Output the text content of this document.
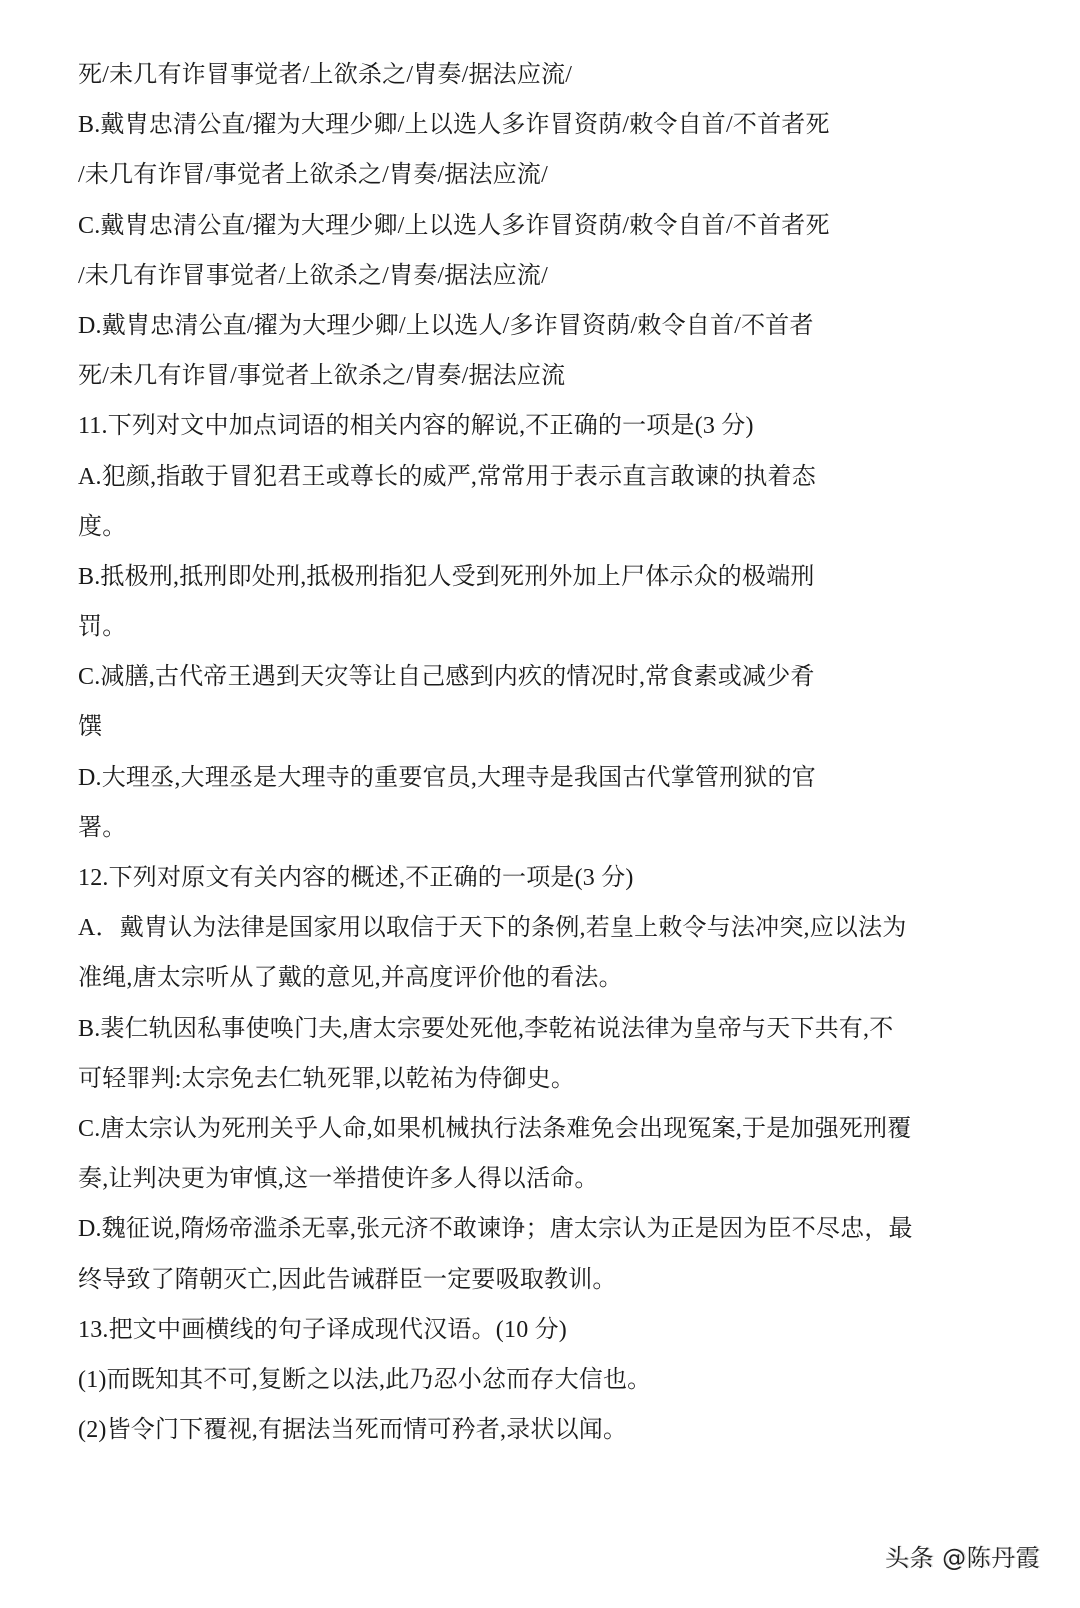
死/未几有诈冒事觉者/上欲杀之/胄奏/据法应流/
B.戴胄忠清公直/擢为大理少卿/上以选人多诈冒资荫/敕令自首/不首者死
/未几有诈冒/事觉者上欲杀之/胄奏/据法应流/
C.戴胄忠清公直/擢为大理少卿/上以选人多诈冒资荫/敕令自首/不首者死
/未几有诈冒事觉者/上欲杀之/胄奏/据法应流/
D.戴胄忠清公直/擢为大理少卿/上以选人/多诈冒资荫/敕令自首/不首者
死/未几有诈冒/事觉者上欲杀之/胄奏/据法应流
11.下列对文中加点词语的相关内容的解说,不正确的一项是(3 分)
A.犯颜,指敢于冒犯君王或尊长的威严,常常用于表示直言敢谏的执着态
度。
B.抵极刑,抵刑即处刑,抵极刑指犯人受到死刑外加上尸体示众的极端刑
罚。
C.减膳,古代帝王遇到天灾等让自己感到内疚的情况时,常食素或减少肴
馔
D.大理丞,大理丞是大理寺的重要官员,大理寺是我国古代掌管刑狱的官
署。
12.下列对原文有关内容的概述,不正确的一项是(3 分)
A．戴胄认为法律是国家用以取信于天下的条例,若皇上敕令与法冲突,应以法为
准绳,唐太宗听从了戴的意见,并高度评价他的看法。
B.裴仁轨因私事使唤门夫,唐太宗要处死他,李乾祐说法律为皇帝与天下共有,不
可轻罪判:太宗免去仁轨死罪,以乾祐为侍御史。
C.唐太宗认为死刑关乎人命,如果机械执行法条难免会出现冤案,于是加强死刑覆
奏,让判决更为审慎,这一举措使许多人得以活命。
D.魏征说,隋炀帝滥杀无辜,张元济不敢谏诤；唐太宗认为正是因为臣不尽忠，最
终导致了隋朝灭亡,因此告诫群臣一定要吸取教训。
13.把文中画横线的句子译成现代汉语。(10 分)
(1)而既知其不可,复断之以法,此乃忍小忿而存大信也。
(2)皆令门下覆视,有据法当死而情可矜者,录状以闻。
头条 @陈丹霞
